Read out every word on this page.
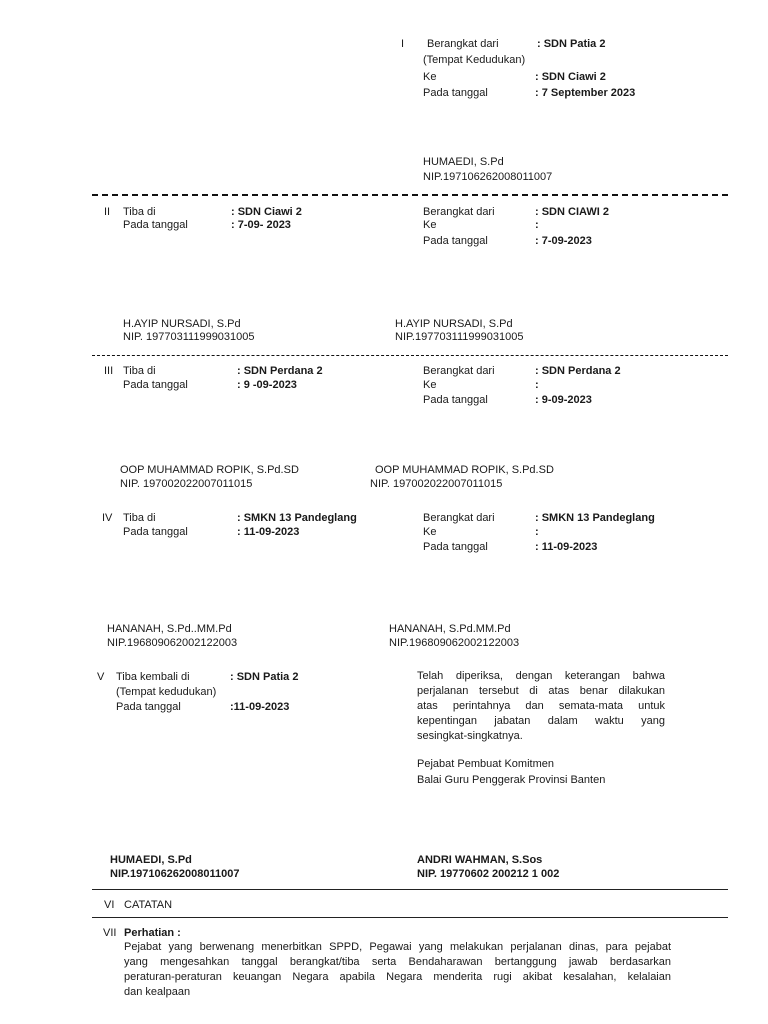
I Berangkat dari	: SDN Patia 2
(Tempat Kedudukan)
Ke	: SDN Ciawi 2
Pada tanggal	: 7 September 2023
HUMAEDI, S.Pd
NIP.197106262008011007
II Tiba di	: SDN Ciawi 2
Pada tanggal	: 7-09- 2023
Berangkat dari	: SDN CIAWI 2
Ke	:
Pada tanggal	: 7-09-2023
H.AYIP NURSADI, S.Pd
NIP. 197703111999031005
H.AYIP NURSADI, S.Pd
NIP.197703111999031005
III Tiba di	: SDN Perdana 2
Pada tanggal	: 9 -09-2023
Berangkat dari	: SDN Perdana 2
Ke	:
Pada tanggal	: 9-09-2023
OOP MUHAMMAD ROPIK, S.Pd.SD
NIP. 197002022007011015
OOP MUHAMMAD ROPIK, S.Pd.SD
NIP. 197002022007011015
IV Tiba di	: SMKN 13 Pandeglang
Pada tanggal	: 11-09-2023
Berangkat dari	: SMKN 13 Pandeglang
Ke	:
Pada tanggal	: 11-09-2023
HANANAH, S.Pd..MM.Pd
NIP.196809062002122003
HANANAH, S.Pd.MM.Pd
NIP.196809062002122003
V Tiba kembali di	: SDN Patia 2
(Tempat kedudukan)
Pada tanggal	:11-09-2023
Telah diperiksa, dengan keterangan bahwa
perjalanan tersebut di atas benar dilakukan
atas perintahnya dan semata-mata untuk
kepentingan jabatan dalam waktu yang
sesingkat-singkatnya.
Pejabat Pembuat Komitmen
Balai Guru Penggerak Provinsi Banten
HUMAEDI, S.Pd
NIP.197106262008011007
ANDRI WAHMAN, S.Sos
NIP. 19770602 200212 1 002
VI CATATAN
VII Perhatian :
Pejabat yang berwenang menerbitkan SPPD, Pegawai yang melakukan perjalanan dinas, para pejabat
yang mengesahkan tanggal berangkat/tiba serta Bendaharawan bertanggung jawab berdasarkan
peraturan-peraturan keuangan Negara apabila Negara menderita rugi akibat kesalahan, kelalaian
dan kealpaan
